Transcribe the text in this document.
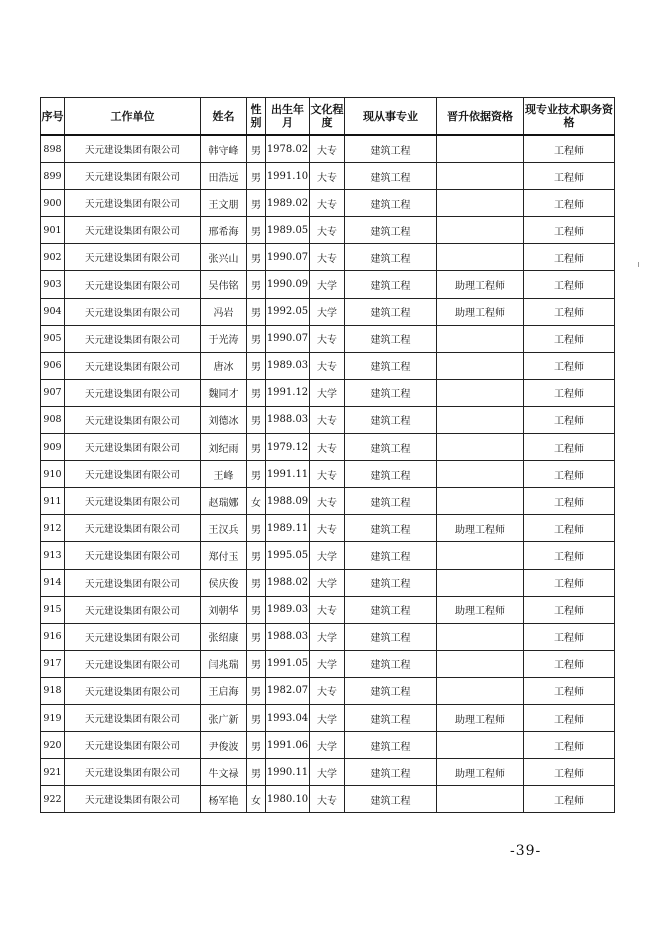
序号	工作单位	姓名	性别	出生年月	文化程度	现从事专业	晋升依据资格	现专业技术职务资格
898	天元建设集团有限公司	韩守峰	男	1978.02	大专	建筑工程		工程师
899	天元建设集团有限公司	田浩远	男	1991.10	大专	建筑工程		工程师
900	天元建设集团有限公司	王文朋	男	1989.02	大专	建筑工程		工程师
901	天元建设集团有限公司	邢希海	男	1989.05	大专	建筑工程		工程师
902	天元建设集团有限公司	张兴山	男	1990.07	大专	建筑工程		工程师
903	天元建设集团有限公司	吴伟铭	男	1990.09	大学	建筑工程	助理工程师	工程师
904	天元建设集团有限公司	冯岩	男	1992.05	大学	建筑工程	助理工程师	工程师
905	天元建设集团有限公司	于光涛	男	1990.07	大专	建筑工程		工程师
906	天元建设集团有限公司	唐冰	男	1989.03	大专	建筑工程		工程师
907	天元建设集团有限公司	魏同才	男	1991.12	大学	建筑工程		工程师
908	天元建设集团有限公司	刘德冰	男	1988.03	大专	建筑工程		工程师
909	天元建设集团有限公司	刘纪雨	男	1979.12	大专	建筑工程		工程师
910	天元建设集团有限公司	王峰	男	1991.11	大专	建筑工程		工程师
911	天元建设集团有限公司	赵瑞娜	女	1988.09	大专	建筑工程		工程师
912	天元建设集团有限公司	王汉兵	男	1989.11	大专	建筑工程	助理工程师	工程师
913	天元建设集团有限公司	郑付玉	男	1995.05	大学	建筑工程		工程师
914	天元建设集团有限公司	侯庆俊	男	1988.02	大学	建筑工程		工程师
915	天元建设集团有限公司	刘朝华	男	1989.03	大专	建筑工程	助理工程师	工程师
916	天元建设集团有限公司	张绍康	男	1988.03	大学	建筑工程		工程师
917	天元建设集团有限公司	闫兆瑞	男	1991.05	大学	建筑工程		工程师
918	天元建设集团有限公司	王启海	男	1982.07	大专	建筑工程		工程师
919	天元建设集团有限公司	张广新	男	1993.04	大学	建筑工程	助理工程师	工程师
920	天元建设集团有限公司	尹俊波	男	1991.06	大学	建筑工程		工程师
921	天元建设集团有限公司	牛文禄	男	1990.11	大学	建筑工程	助理工程师	工程师
922	天元建设集团有限公司	杨军艳	女	1980.10	大专	建筑工程		工程师
-39-
